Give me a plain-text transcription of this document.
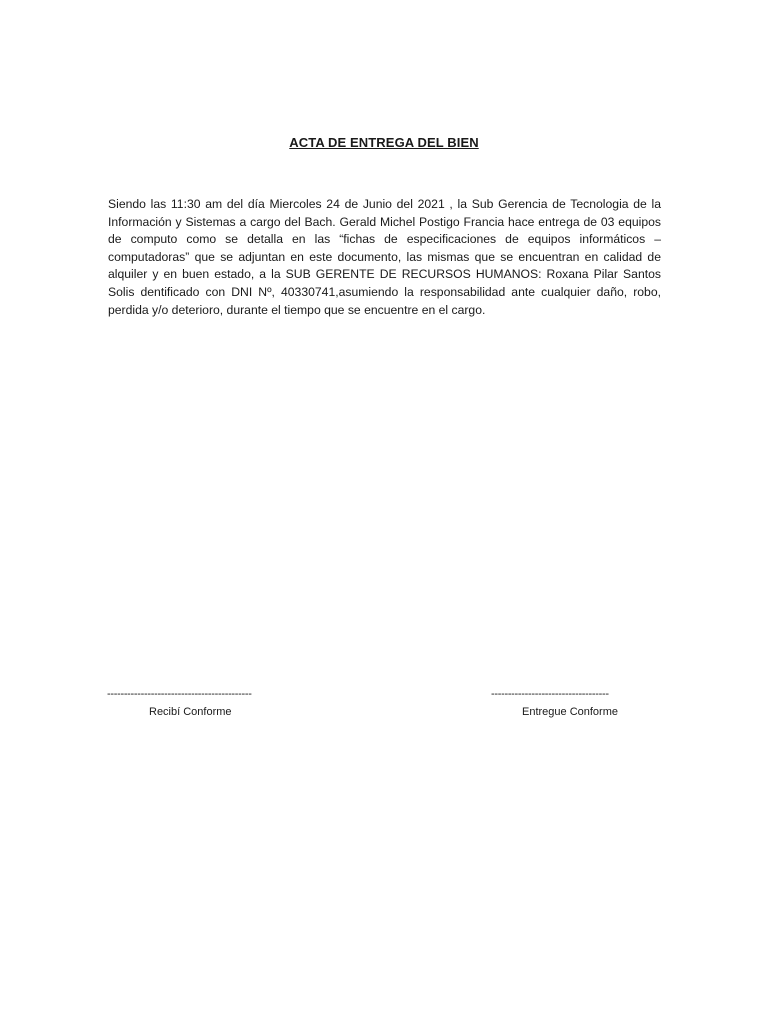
ACTA DE ENTREGA DEL BIEN

Siendo las 11:30 am del día Miercoles 24 de Junio del 2021 , la Sub Gerencia de Tecnologia de la Información y Sistemas a cargo del Bach. Gerald Michel Postigo Francia hace entrega de 03 equipos de computo como se detalla en las “fichas de especificaciones de equipos informáticos – computadoras” que se adjuntan en este documento, las mismas que se encuentran en calidad de alquiler y en buen estado, a la SUB GERENTE DE RECURSOS HUMANOS: Roxana Pilar Santos Solis dentificado con DNI Nº, 40330741,asumiendo la responsabilidad ante cualquier daño, robo, perdida y/o deterioro, durante el tiempo que se encuentre en el cargo.

-------------------------------------------
Recibí Conforme
-----------------------------------
Entregue Conforme
